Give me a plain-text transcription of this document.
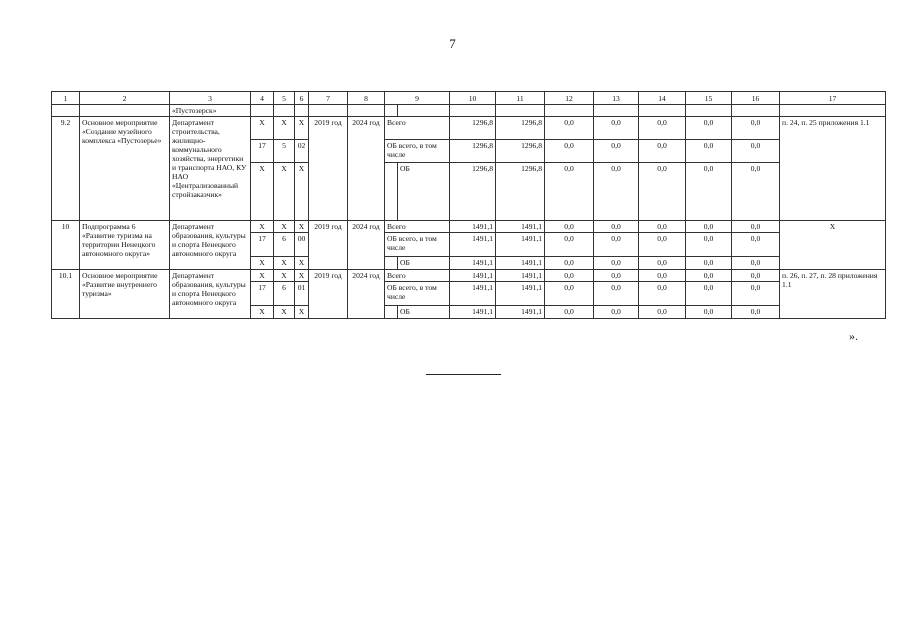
7
1	2	3	4	5	6	7	8	9		10	11	12	13	14	15	16	17
		«Пустозерск»															
9.2	Основное мероприятие «Создание музейного комплекса «Пустозерье»	Департамент строительства, жилищно-коммунального хозяйства, энергетики и транспорта НАО, КУ НАО «Централизованный стройзаказчик»	Х	Х	Х	2019 год	2024 год	Всего		1296,8	1296,8	0,0	0,0	0,0	0,0	0,0	п. 24, п. 25 приложения 1.1
			17	5	02			ОБ всего, в том числе		1296,8	1296,8	0,0	0,0	0,0	0,0	0,0	
			Х	Х	Х				ОБ	1296,8	1296,8	0,0	0,0	0,0	0,0	0,0	
10	Подпрограмма 6 «Развитие туризма на территории Ненецкого автономного округа»	Департамент образования, культуры и спорта Ненецкого автономного округа	Х	Х	Х	2019 год	2024 год	Всего		1491,1	1491,1	0,0	0,0	0,0	0,0	0,0	Х
			17	6	00			ОБ всего, в том числе		1491,1	1491,1	0,0	0,0	0,0	0,0	0,0	
			Х	Х	Х				ОБ	1491,1	1491,1	0,0	0,0	0,0	0,0	0,0	
10.1	Основное мероприятие «Развитие внутреннего туризма»	Департамент образования, культуры и спорта Ненецкого автономного округа	Х	Х	Х	2019 год	2024 год	Всего		1491,1	1491,1	0,0	0,0	0,0	0,0	0,0	п. 26, п. 27, п. 28 приложения 1.1
			17	6	01			ОБ всего, в том числе		1491,1	1491,1	0,0	0,0	0,0	0,0	0,0	
			Х	Х	Х				ОБ	1491,1	1491,1	0,0	0,0	0,0	0,0	0,0	
».
